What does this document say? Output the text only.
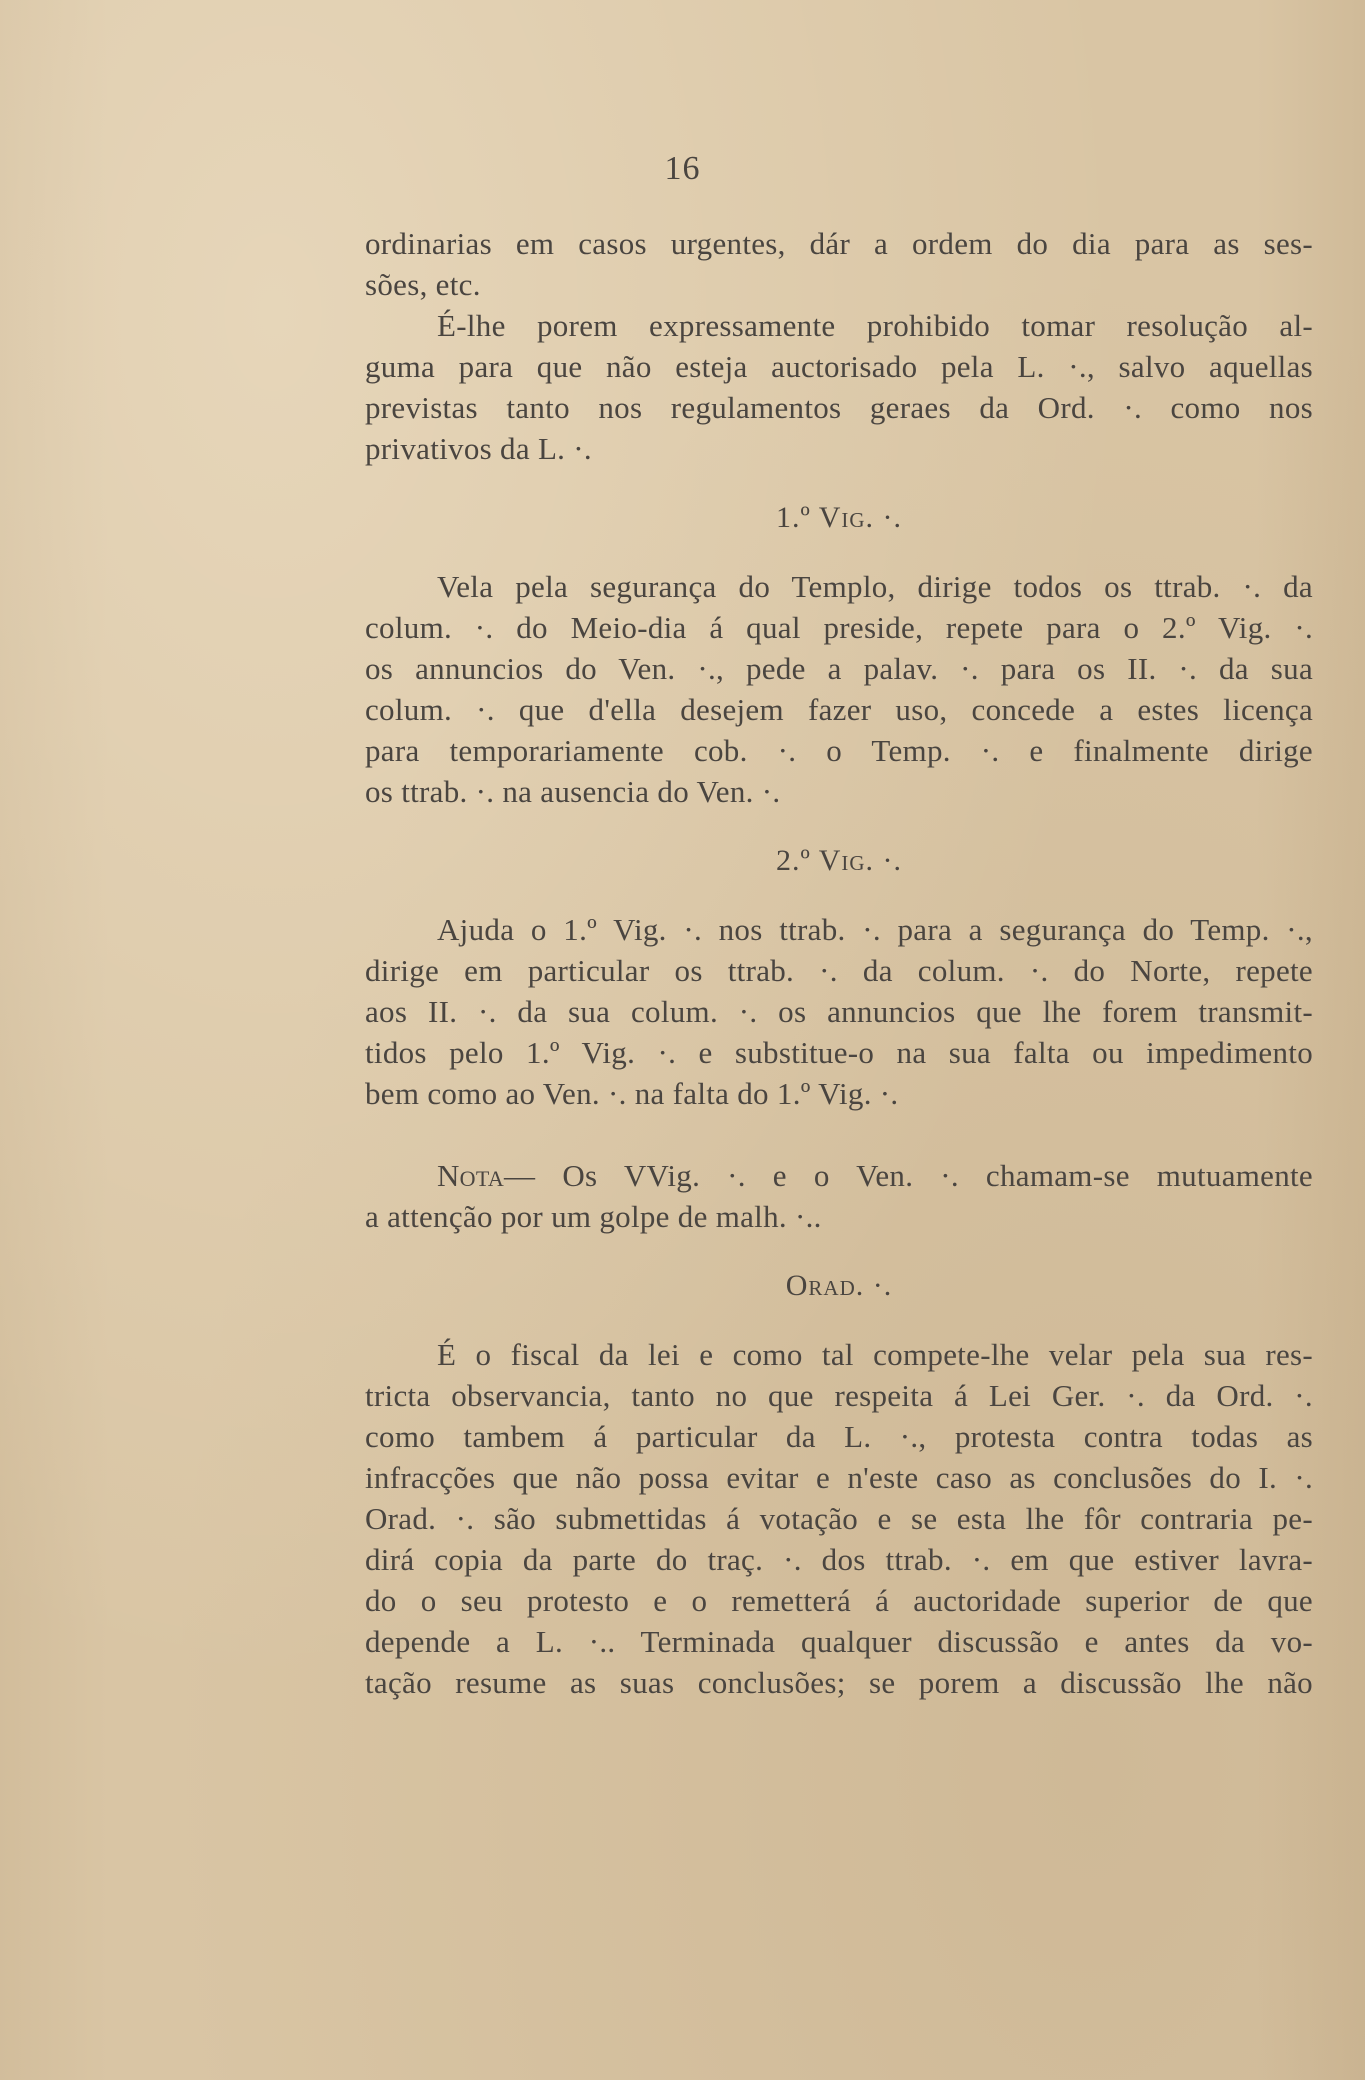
16
ordinarias em casos urgentes, dár a ordem do dia para as ses-
sões, etc.
É-lhe porem expressamente prohibido tomar resolução al-
guma para que não esteja auctorisado pela L. ·., salvo aquellas
previstas tanto nos regulamentos geraes da Ord. ·. como nos
privativos da L. ·.
1.º Vig. ·.
Vela pela segurança do Templo, dirige todos os ttrab. ·. da
colum. ·. do Meio-dia á qual preside, repete para o 2.º Vig. ·.
os annuncios do Ven. ·., pede a palav. ·. para os II. ·. da sua
colum. ·. que d'ella desejem fazer uso, concede a estes licença
para temporariamente cob. ·. o Temp. ·. e finalmente dirige
os ttrab. ·. na ausencia do Ven. ·.
2.º Vig. ·.
Ajuda o 1.º Vig. ·. nos ttrab. ·. para a segurança do Temp. ·.,
dirige em particular os ttrab. ·. da colum. ·. do Norte, repete
aos II. ·. da sua colum. ·. os annuncios que lhe forem transmit-
tidos pelo 1.º Vig. ·. e substitue-o na sua falta ou impedimento
bem como ao Ven. ·. na falta do 1.º Vig. ·.
Nota— Os VVig. ·. e o Ven. ·. chamam-se mutuamente
a attenção por um golpe de malh. ·..
Orad. ·.
É o fiscal da lei e como tal compete-lhe velar pela sua res-
tricta observancia, tanto no que respeita á Lei Ger. ·. da Ord. ·.
como tambem á particular da L. ·., protesta contra todas as
infracções que não possa evitar e n'este caso as conclusões do I. ·.
Orad. ·. são submettidas á votação e se esta lhe fôr contraria pe-
dirá copia da parte do traç. ·. dos ttrab. ·. em que estiver lavra-
do o seu protesto e o remetterá á auctoridade superior de que
depende a L. ·.. Terminada qualquer discussão e antes da vo-
tação resume as suas conclusões; se porem a discussão lhe não
